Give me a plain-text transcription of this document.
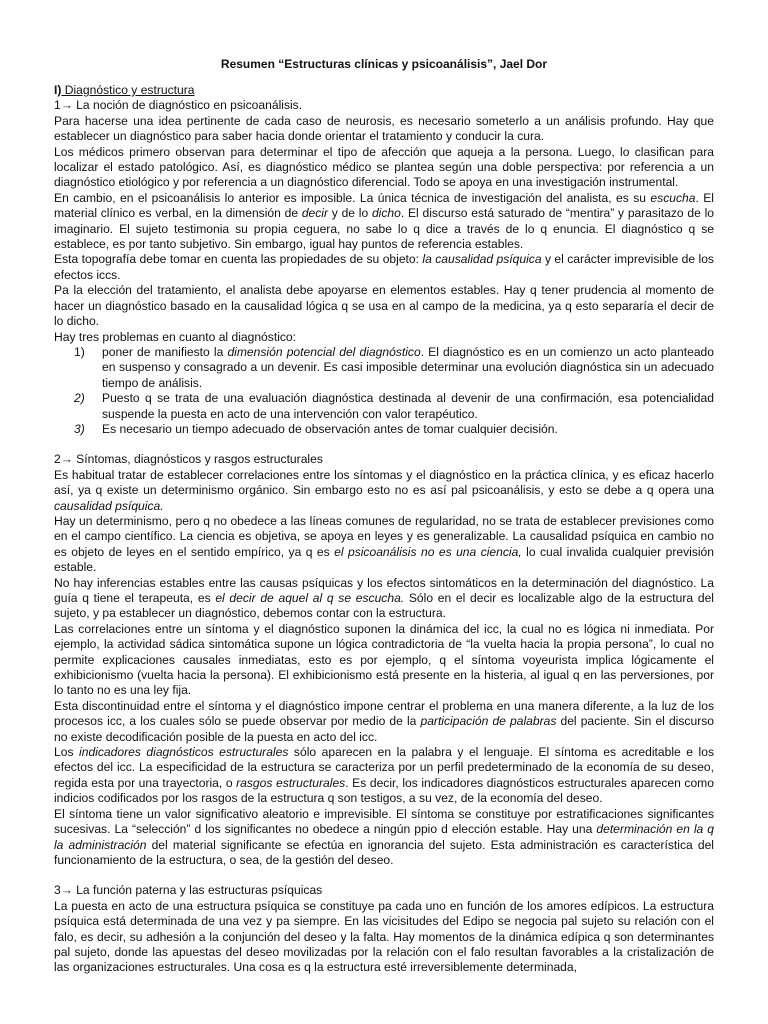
Resumen “Estructuras clínicas y psicoanálisis”, Jael Dor

I) Diagnóstico y estructura

1→ La noción de diagnóstico en psicoanálisis.

Para hacerse una idea pertinente de cada caso de neurosis, es necesario someterlo a un análisis profundo. Hay que establecer un diagnóstico para saber hacia donde orientar el tratamiento y conducir la cura.

Los médicos primero observan para determinar el tipo de afección que aqueja a la persona. Luego, lo clasifican para localizar el estado patológico. Así, es diagnóstico médico se plantea según una doble perspectiva: por referencia a un diagnóstico etiológico y por referencia a un diagnóstico diferencial. Todo se apoya en una investigación instrumental.

En cambio, en el psicoanálisis lo anterior es imposible. La única técnica de investigación del analista, es su escucha. El material clínico es verbal, en la dimensión de decir y de lo dicho. El discurso está saturado de “mentira” y parasitazo de lo imaginario. El sujeto testimonia su propia ceguera, no sabe lo q dice a través de lo q enuncia. El diagnóstico q se establece, es por tanto subjetivo. Sin embargo, igual hay puntos de referencia estables.

Esta topografía debe tomar en cuenta las propiedades de su objeto: la causalidad psíquica y el carácter imprevisible de los efectos iccs.

Pa la elección del tratamiento, el analista debe apoyarse en elementos estables. Hay q tener prudencia al momento de hacer un diagnóstico basado en la causalidad lógica q se usa en al campo de la medicina, ya q esto separaría el decir de lo dicho.

Hay tres problemas en cuanto al diagnóstico:

1)	poner de manifiesto la dimensión potencial del diagnóstico. El diagnóstico es en un comienzo un acto planteado en suspenso y consagrado a un devenir. Es casi imposible determinar una evolución diagnóstica sin un adecuado tiempo de análisis.
2)	Puesto q se trata de una evaluación diagnóstica destinada al devenir de una confirmación, esa potencialidad suspende la puesta en acto de una intervención con valor terapéutico.
3)	Es necesario un tiempo adecuado de observación antes de tomar cualquier decisión.

2→ Síntomas, diagnósticos y rasgos estructurales

Es habitual tratar de establecer correlaciones entre los síntomas y el diagnóstico en la práctica clínica, y es eficaz hacerlo así, ya q existe un determinismo orgánico. Sin embargo esto no es así pal psicoanálisis, y esto se debe a q opera una causalidad psíquica.

Hay un determinismo, pero q no obedece a las líneas comunes de regularidad, no se trata de establecer previsiones como en el campo científico. La ciencia es objetiva, se apoya en leyes y es generalizable. La causalidad psíquica en cambio no es objeto de leyes en el sentido empírico, ya q es el psicoanálisis no es una ciencia, lo cual invalida cualquier previsión estable.

No hay inferencias estables entre las causas psíquicas y los efectos sintomáticos en la determinación del diagnóstico. La guía q tiene el terapeuta, es el decir de aquel al q se escucha. Sólo en el decir es localizable algo de la estructura del sujeto, y pa establecer un diagnóstico, debemos contar con la estructura.

Las correlaciones entre un síntoma y el diagnóstico suponen la dinámica del icc, la cual no es lógica ni inmediata. Por ejemplo, la actividad sádica sintomática supone un lógica contradictoria de “la vuelta hacia la propia persona”, lo cual no permite explicaciones causales inmediatas, esto es por ejemplo, q el síntoma voyeurista implica lógicamente el exhibicionismo (vuelta hacia la persona). El exhibicionismo está presente en la histeria, al igual q en las perversiones, por lo tanto no es una ley fija.

Esta discontinuidad entre el síntoma y el diagnóstico impone centrar el problema en una manera diferente, a la luz de los procesos icc, a los cuales sólo se puede observar por medio de la participación de palabras del paciente. Sin el discurso no existe decodificación posible de la puesta en acto del icc.

Los indicadores diagnósticos estructurales sólo aparecen en la palabra y el lenguaje. El síntoma es acreditable e los efectos del icc. La especificidad de la estructura se caracteriza por un perfil predeterminado de la economía de su deseo, regida esta por una trayectoria, o rasgos estructurales. Es decir, los indicadores diagnósticos estructurales aparecen como indicios codificados por los rasgos de la estructura q son testigos, a su vez, de la economía del deseo.

El síntoma tiene un valor significativo aleatorio e imprevisible. El síntoma se constituye por estratificaciones significantes sucesivas. La “selección” d los significantes no obedece a ningún ppio d elección estable. Hay una determinación en la q la administración del material significante se efectúa en ignorancia del sujeto. Esta administración es característica del funcionamiento de la estructura, o sea, de la gestión del deseo.

3→ La función paterna y las estructuras psíquicas

La puesta en acto de una estructura psíquica se constituye pa cada uno en función de los amores edípicos. La estructura psíquica está determinada de una vez y pa siempre. En las vicisitudes del Edipo se negocia pal sujeto su relación con el falo, es decir, su adhesión a la conjunción del deseo y la falta. Hay momentos de la dinámica edípica q son determinantes pal sujeto, donde las apuestas del deseo movilizadas por la relación con el falo resultan favorables a la cristalización de las organizaciones estructurales. Una cosa es q la estructura esté irreversiblemente determinada,
